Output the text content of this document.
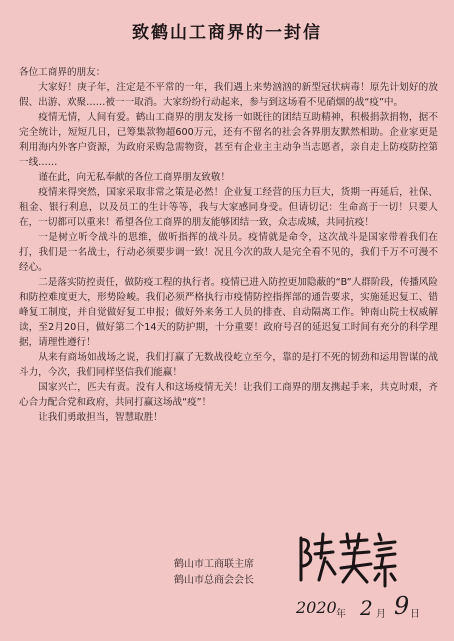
致鹤山工商界的一封信

各位工商界的朋友：

大家好！庚子年，注定是不平常的一年，我们遇上来势汹汹的新型冠状病毒！原先计划好的放假、出游、欢聚……被一一取消。大家纷纷行动起来，参与到这场看不见硝烟的战“疫”中。

疫情无情，人间有爱。鹤山工商界的朋友发扬一如既往的团结互助精神，积极捐款捐物，据不完全统计，短短几日，已筹集款物超600万元，还有不留名的社会各界朋友默然相助。企业家更是利用海内外客户资源，为政府采购急需物资，甚至有企业主主动争当志愿者，亲自走上防疫防控第一线……

谨在此，向无私奉献的各位工商界朋友致敬！

疫情来得突然，国家采取非常之策是必然！企业复工经营的压力巨大，货期一再延后，社保、租金、银行利息，以及员工的生计等等，我与大家感同身受。但请切记：生命高于一切！只要人在，一切都可以重来！希望各位工商界的朋友能够团结一致，众志成城，共同抗疫！

一是树立听令战斗的思维，做听指挥的战斗员。疫情就是命令，这次战斗是国家带着我们在打，我们是一名战士，行动必须要步调一致！况且今次的敌人是完全看不见的，我们千万不可漫不经心。

二是落实防控责任，做防疫工程的执行者。疫情已进入防控更加隐蔽的“B”人群阶段，传播风险和防控难度更大，形势险峻。我们必须严格执行市疫情防控指挥部的通告要求，实施延迟复工、错峰复工制度，并自觉做好复工申报；做好外来务工人员的排查、自动隔离工作。钟南山院士权威解读，至2月20日，做好第二个14天的防护期，十分重要！政府号召的延迟复工时间有充分的科学理据，请理性遵行！

从来有商场如战场之说，我们打赢了无数战役屹立至今，靠的是打不死的韧劲和运用智谋的战斗力，今次，我们同样坚信我们能赢！

国家兴亡，匹夫有责。没有人和这场疫情无关！让我们工商界的朋友携起手来，共克时艰，齐心合力配合党和政府，共同打赢这场战“疫”！

让我们勇敢担当，智慧取胜！

鹤山市工商联主席
鹤山市总商会会长
2020 年 2 月 9 日
